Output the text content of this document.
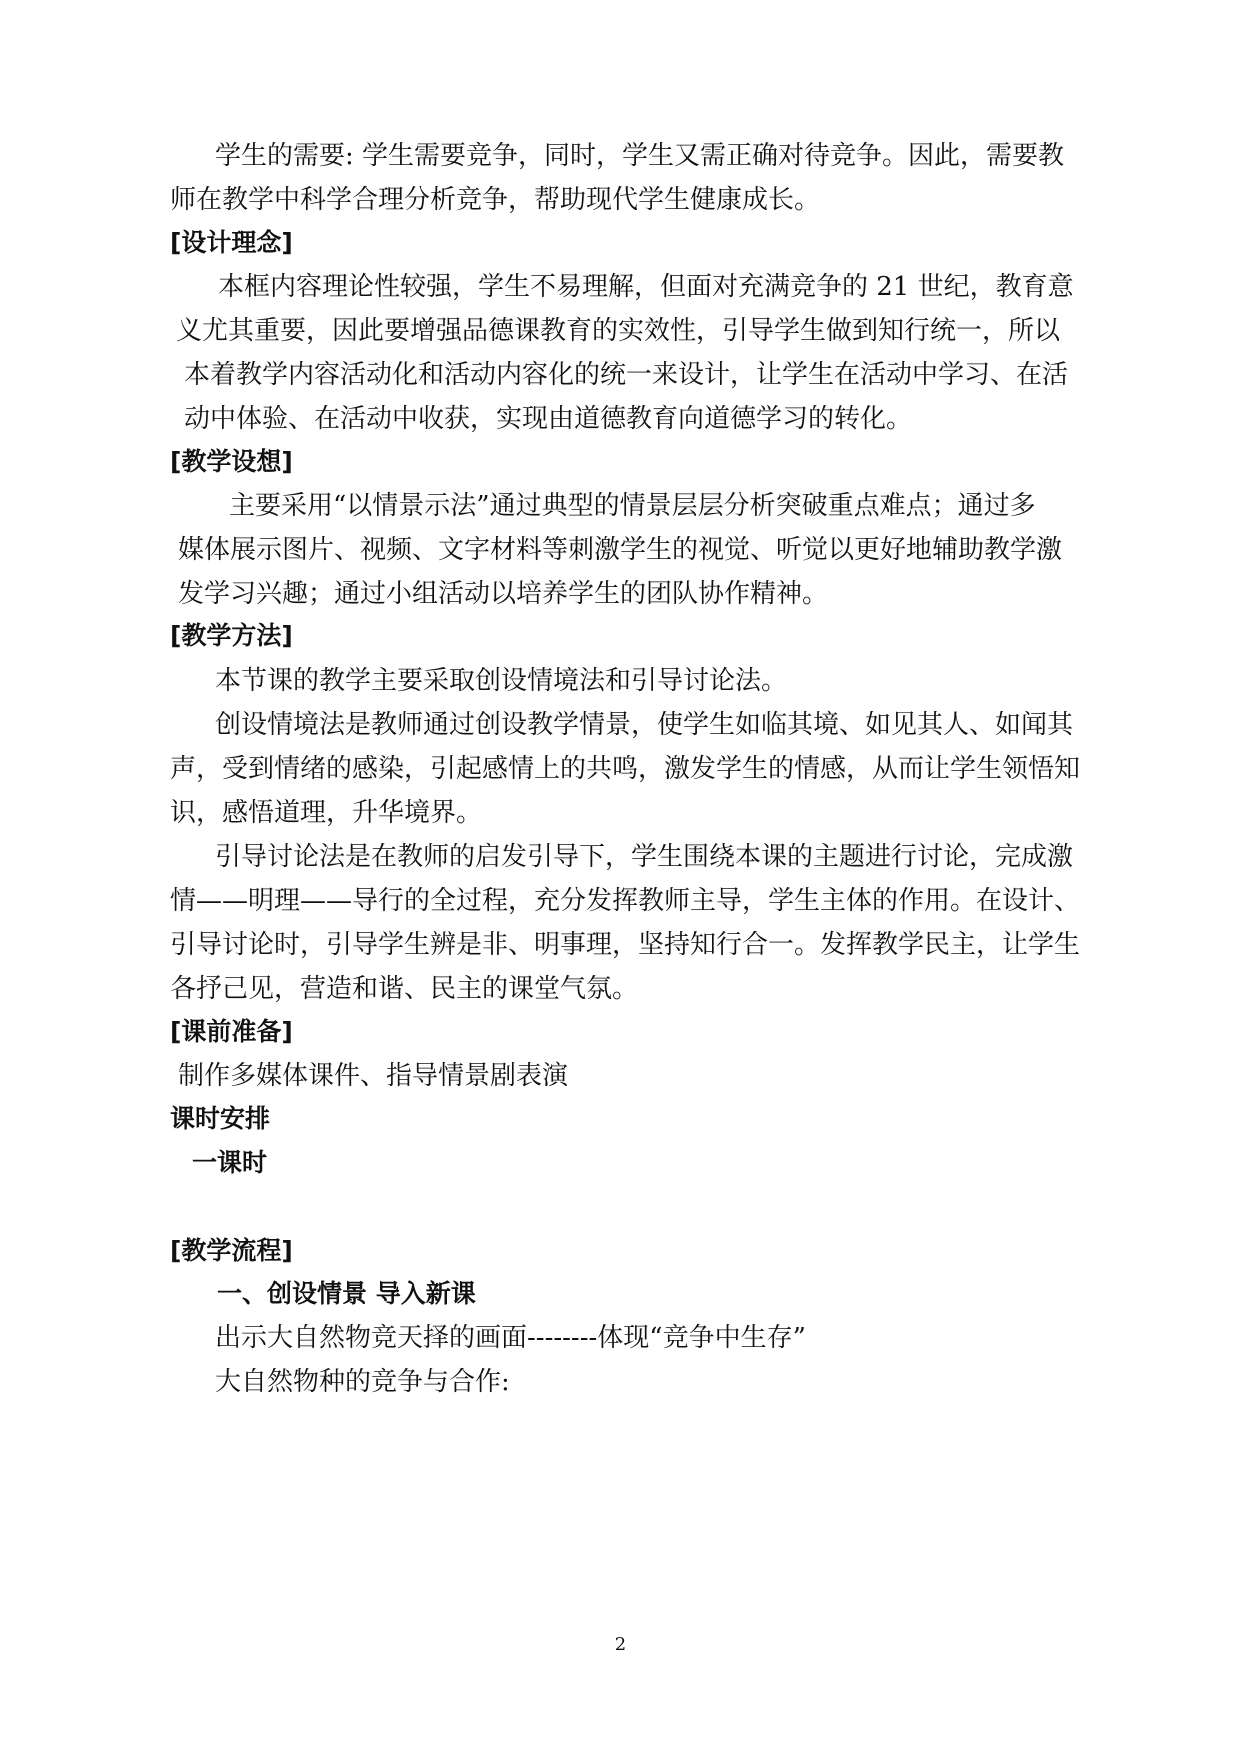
学生的需要: 学生需要竞争，同时，学生又需正确对待竞争。因此，需要教
师在教学中科学合理分析竞争，帮助现代学生健康成长。
[设计理念]
本框内容理论性较强，学生不易理解，但面对充满竞争的 21 世纪，教育意
义尤其重要，因此要增强品德课教育的实效性，引导学生做到知行统一，所以
本着教学内容活动化和活动内容化的统一来设计，让学生在活动中学习、在活
动中体验、在活动中收获，实现由道德教育向道德学习的转化。
[教学设想]
主要采用“以情景示法”通过典型的情景层层分析突破重点难点；通过多
媒体展示图片、视频、文字材料等刺激学生的视觉、听觉以更好地辅助教学激
发学习兴趣；通过小组活动以培养学生的团队协作精神。
[教学方法]
本节课的教学主要采取创设情境法和引导讨论法。
创设情境法是教师通过创设教学情景，使学生如临其境、如见其人、如闻其
声，受到情绪的感染，引起感情上的共鸣，激发学生的情感，从而让学生领悟知
识，感悟道理，升华境界。
引导讨论法是在教师的启发引导下，学生围绕本课的主题进行讨论，完成激
情——明理——导行的全过程，充分发挥教师主导，学生主体的作用。在设计、
引导讨论时，引导学生辨是非、明事理，坚持知行合一。发挥教学民主，让学生
各抒己见，营造和谐、民主的课堂气氛。
[课前准备]
制作多媒体课件、指导情景剧表演
课时安排
一课时
[教学流程]
一、创设情景 导入新课
出示大自然物竞天择的画面--------体现“竞争中生存”
大自然物种的竞争与合作:
2
